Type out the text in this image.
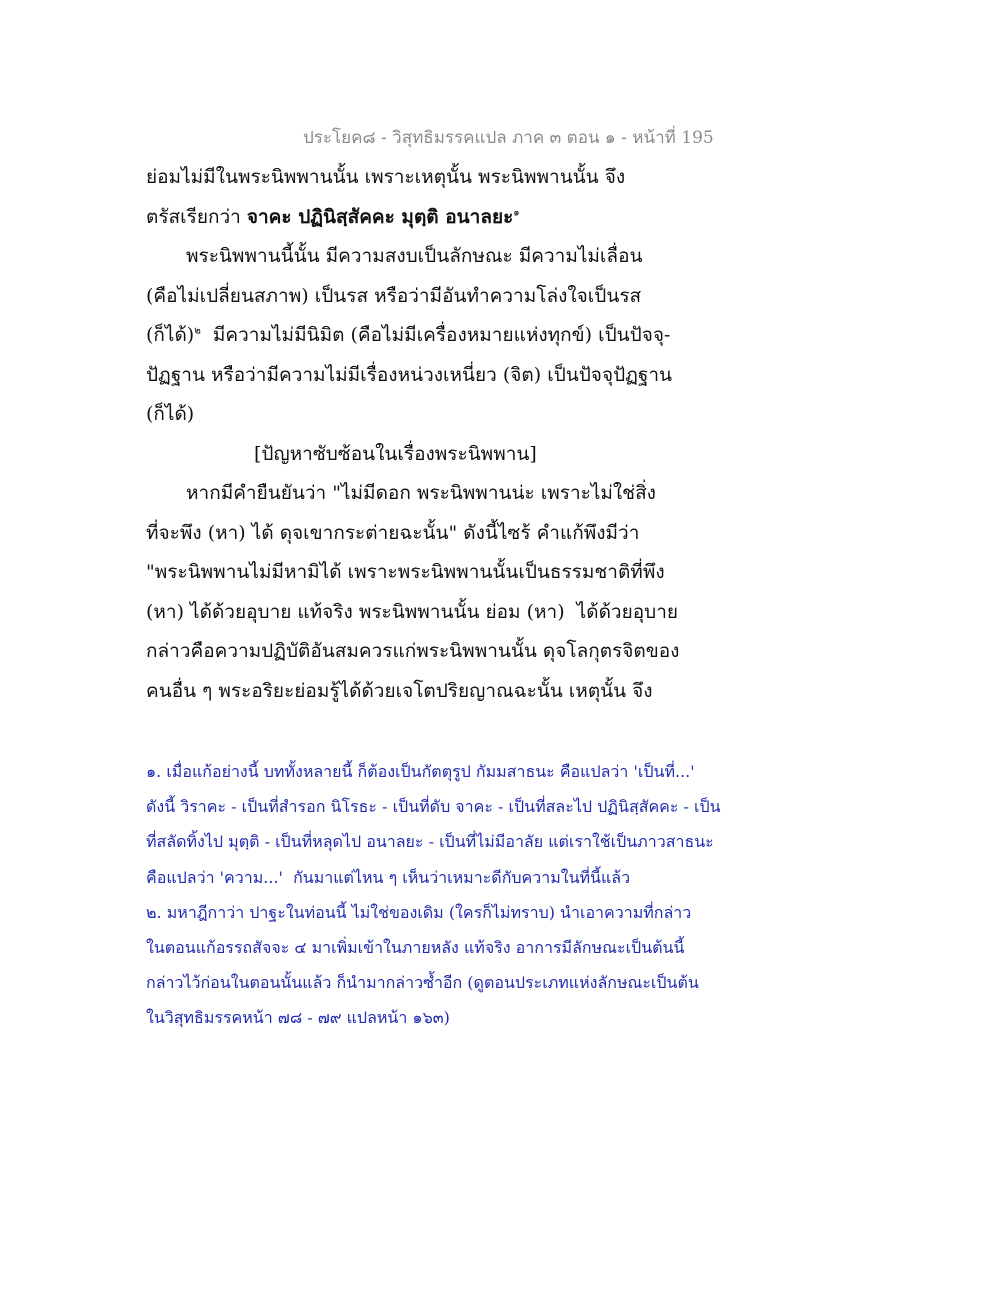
ประโยค๘ - วิสุทธิมรรคแปล ภาค ๓ ตอน ๑ - หน้าที่ 195
ย่อมไม่มีในพระนิพพานนั้น เพราะเหตุนั้น พระนิพพานนั้น จึง
ตรัสเรียกว่า จาคะ ปฏินิสฺสัคคะ มุตฺติ อนาลยะ$^๑$
พระนิพพานนี้นั้น มีความสงบเป็นลักษณะ มีความไม่เลื่อน
(คือไม่เปลี่ยนสภาพ) เป็นรส หรือว่ามีอันทำความโล่งใจเป็นรส
(ก็ได้)$^๒$  มีความไม่มีนิมิต (คือไม่มีเครื่องหมายแห่งทุกข์) เป็นปัจจุ-
ปัฏฐาน หรือว่ามีความไม่มีเรื่องหน่วงเหนี่ยว (จิต) เป็นปัจจุปัฏฐาน
(ก็ได้)
[ปัญหาซับซ้อนในเรื่องพระนิพพาน]
หากมีคำยืนยันว่า "ไม่มีดอก พระนิพพานน่ะ เพราะไม่ใช่สิ่ง
ที่จะพึง (หา) ได้ ดุจเขากระต่ายฉะนั้น" ดังนี้ไซร้ คำแก้พึงมีว่า
"พระนิพพานไม่มีหามิได้ เพราะพระนิพพานนั้นเป็นธรรมชาติที่พึง
(หา) ได้ด้วยอุบาย แท้จริง พระนิพพานนั้น ย่อม (หา)  ได้ด้วยอุบาย
กล่าวคือความปฏิบัติอันสมควรแก่พระนิพพานนั้น ดุจโลกุตรจิตของ
คนอื่น ๆ พระอริยะย่อมรู้ได้ด้วยเจโตปริยญาณฉะนั้น เหตุนั้น จึง
๑. เมื่อแก้อย่างนี้ บททั้งหลายนี้ ก็ต้องเป็นกัตตุรูป กัมมสาธนะ คือแปลว่า 'เป็นที่...'
ดังนี้ วิราคะ - เป็นที่สำรอก นิโรธะ - เป็นที่ดับ จาคะ - เป็นที่สละไป ปฏินิสฺสัคคะ - เป็น
ที่สลัดทิ้งไป มุตฺติ - เป็นที่หลุดไป อนาลยะ - เป็นที่ไม่มีอาลัย แต่เราใช้เป็นภาวสาธนะ
คือแปลว่า 'ความ...'  กันมาแต่ไหน ๆ เห็นว่าเหมาะดีกับความในที่นี้แล้ว
๒. มหาฎีกาว่า ปาฐะในท่อนนี้ ไม่ใช่ของเดิม (ใครก็ไม่ทราบ) นำเอาความที่กล่าว
ในตอนแก้อรรถสัจจะ ๔ มาเพิ่มเข้าในภายหลัง แท้จริง อาการมีลักษณะเป็นต้นนี้
กล่าวไว้ก่อนในตอนนั้นแล้ว ก็นำมากล่าวซ้ำอีก (ดูตอนประเภทแห่งลักษณะเป็นต้น
ในวิสุทธิมรรคหน้า ๗๘ - ๗๙ แปลหน้า ๑๖๓)
